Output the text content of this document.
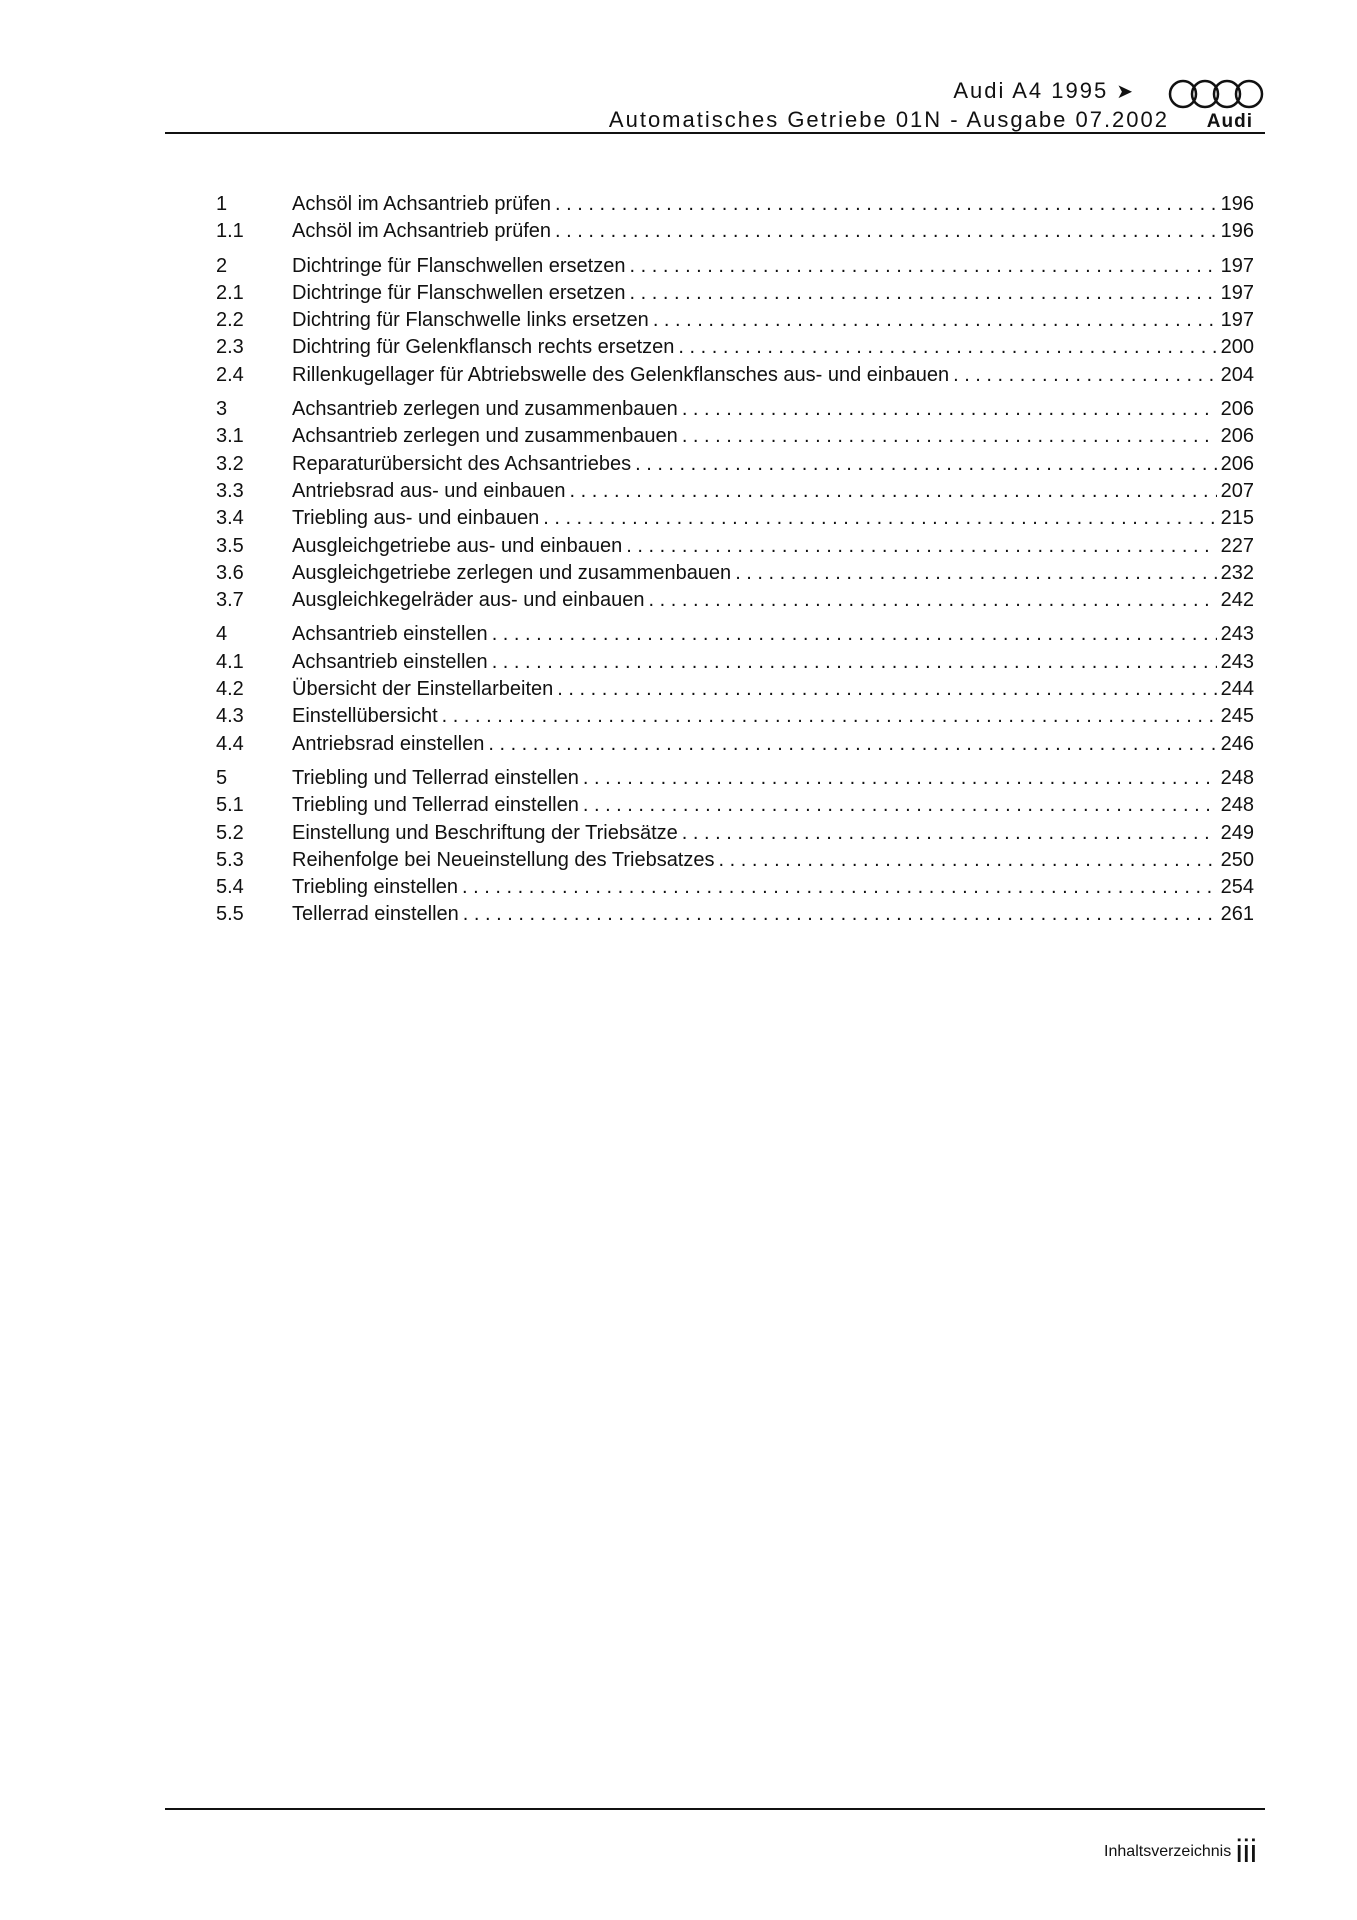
Audi A4 1995 ➤
Automatisches Getriebe 01N - Ausgabe 07.2002 Audi
1	Achsöl im Achsantrieb prüfen . . .	196
1.1	Achsöl im Achsantrieb prüfen . . .	196
2	Dichtringe für Flanschwellen ersetzen . . .	197
2.1	Dichtringe für Flanschwellen ersetzen . . .	197
2.2	Dichtring für Flanschwelle links ersetzen . . .	197
2.3	Dichtring für Gelenkflansch rechts ersetzen . . .	200
2.4	Rillenkugellager für Abtriebswelle des Gelenkflansches aus- und einbauen . . .	204
3	Achsantrieb zerlegen und zusammenbauen . . .	206
3.1	Achsantrieb zerlegen und zusammenbauen . . .	206
3.2	Reparaturübersicht des Achsantriebes . . .	206
3.3	Antriebsrad aus- und einbauen . . .	207
3.4	Triebling aus- und einbauen . . .	215
3.5	Ausgleichgetriebe aus- und einbauen . . .	227
3.6	Ausgleichgetriebe zerlegen und zusammenbauen . . .	232
3.7	Ausgleichkegelräder aus- und einbauen . . .	242
4	Achsantrieb einstellen . . .	243
4.1	Achsantrieb einstellen . . .	243
4.2	Übersicht der Einstellarbeiten . . .	244
4.3	Einstellübersicht . . .	245
4.4	Antriebsrad einstellen . . .	246
5	Triebling und Tellerrad einstellen . . .	248
5.1	Triebling und Tellerrad einstellen . . .	248
5.2	Einstellung und Beschriftung der Triebsätze . . .	249
5.3	Reihenfolge bei Neueinstellung des Triebsatzes . . .	250
5.4	Triebling einstellen . . .	254
5.5	Tellerrad einstellen . . .	261
Inhaltsverzeichnis iii
